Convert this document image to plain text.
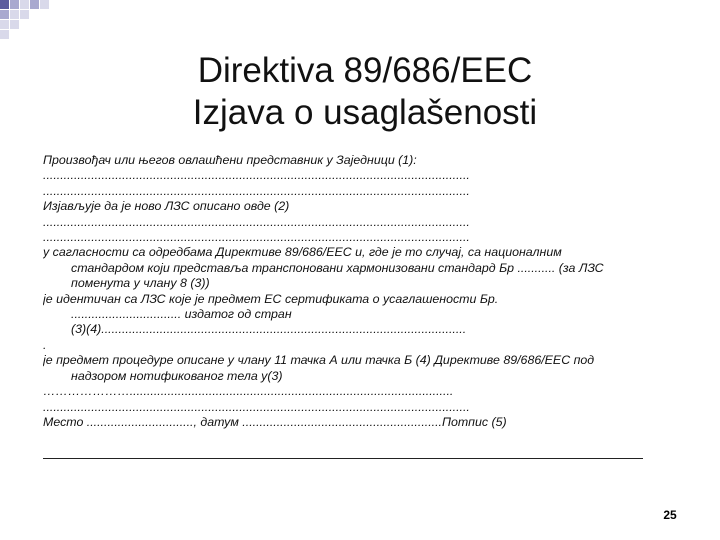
Direktiva 89/686/EEC
Izjava o usaglašenosti
Произвођач или његов овлашћени представник у Заједници (1):
............................................................................................................................
............................................................................................................................
Изјављује да је ново ЛЗС описано овде (2)
............................................................................................................................
............................................................................................................................
у сагласности са одредбама Директиве 89/686/ЕЕС и, где је то случај, са националним
стандардом који представља транспоновани хармонизовани стандард Бр ........... (за ЛЗС
поменута у члану 8 (3))
је идентичан са ЛЗС које је предмет ЕС сертификата о усаглашености Бр.
................................ издатог од стран
(3)(4)..........................................................................................................
.
је предмет процедуре описане у члану 11 тачка А или тачка Б (4) Директиве 89/686/ЕЕС под
надзором нотификованог тела у(3)
…………………..............................................................................................
............................................................................................................................
Место ..............................., датум ..........................................................Потпис (5)
25
